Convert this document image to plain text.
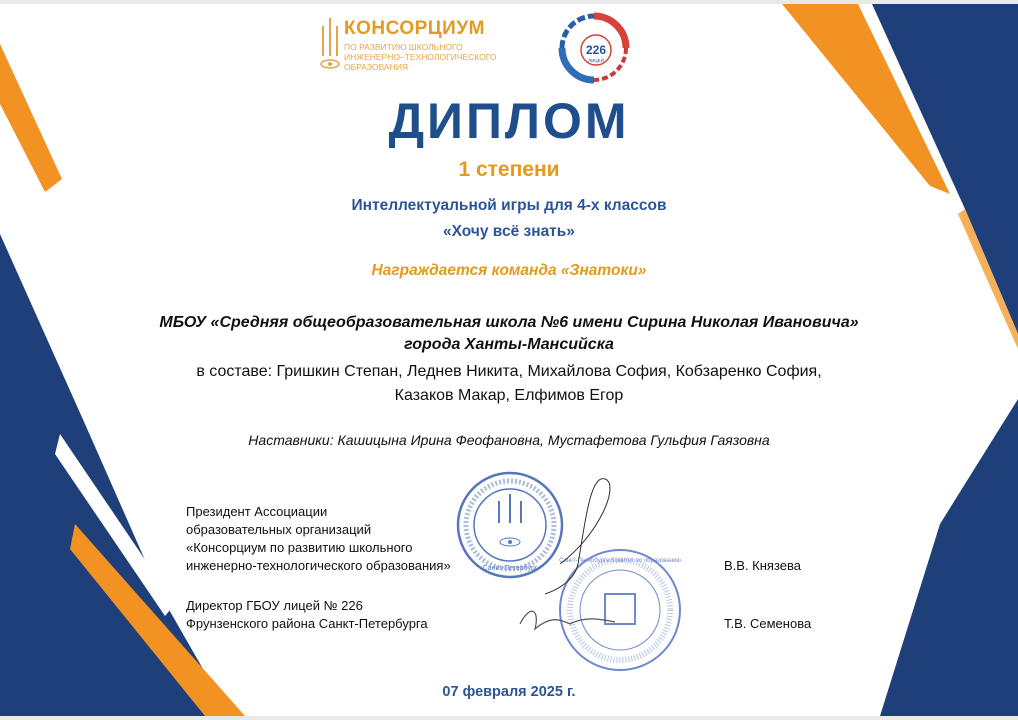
КОНСОРЦИУМ
ПО РАЗВИТИЮ ШКОЛЬНОГО
ИНЖЕНЕРНО–ТЕХНОЛОГИЧЕСКОГО
ОБРАЗОВАНИЯ
226
ЛИЦЕЙ
ДИПЛОМ
1 степени
Интеллектуальной игры для 4-х классов
«Хочу всё знать»
Награждается команда «Знатоки»
МБОУ «Средняя общеобразовательная школа №6 имени Сирина Николая Ивановича»
города Ханты-Мансийска
в составе: Гришкин Степан, Леднев Никита, Михайлова София, Кобзаренко София,
Казаков Макар, Елфимов Егор
Наставники: Кашицына Ирина Феофановна, Мустафетова Гульфия Гаязовна
Президент Ассоциации
образовательных организаций
«Консорциум по развитию школьного
инженерно-технологического образования»	В.В. Князева
Директор ГБОУ лицей № 226
Фрунзенского района Санкт-Петербурга	Т.В. Семенова
Санкт-Петербург
Санкт-Петербурга Комитет по образованию
07 февраля 2025 г.
